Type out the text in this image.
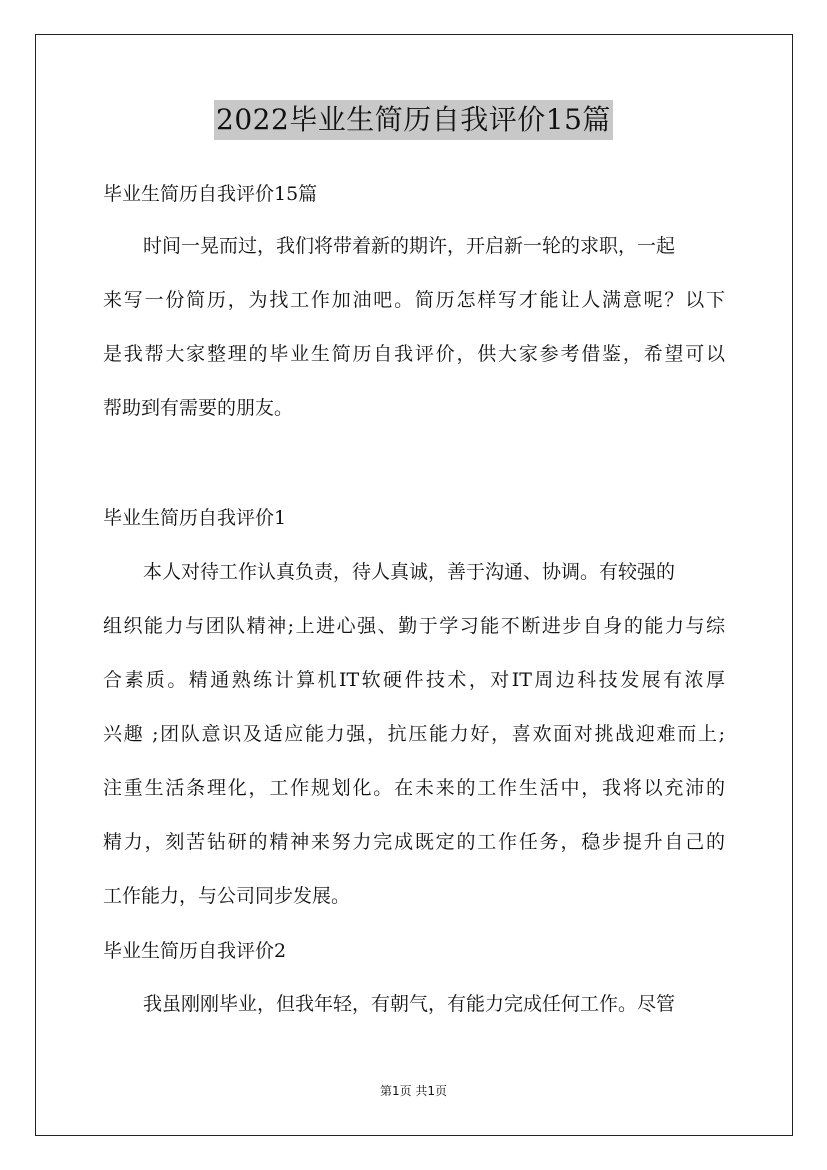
2022毕业生简历自我评价15篇
毕业生简历自我评价15篇
时间一晃而过，我们将带着新的期许，开启新一轮的求职，一起
来写一份简历，为找工作加油吧。简历怎样写才能让人满意呢？以下
是我帮大家整理的毕业生简历自我评价，供大家参考借鉴，希望可以
帮助到有需要的朋友。
毕业生简历自我评价1
本人对待工作认真负责，待人真诚，善于沟通、协调。有较强的
组织能力与团队精神;上进心强、勤于学习能不断进步自身的能力与综
合素质。精通熟练计算机IT软硬件技术，对IT周边科技发展有浓厚
兴趣 ;团队意识及适应能力强，抗压能力好，喜欢面对挑战迎难而上;
注重生活条理化，工作规划化。在未来的工作生活中，我将以充沛的
精力，刻苦钻研的精神来努力完成既定的工作任务，稳步提升自己的
工作能力，与公司同步发展。
毕业生简历自我评价2
我虽刚刚毕业，但我年轻，有朝气，有能力完成任何工作。尽管
第1页 共1页
